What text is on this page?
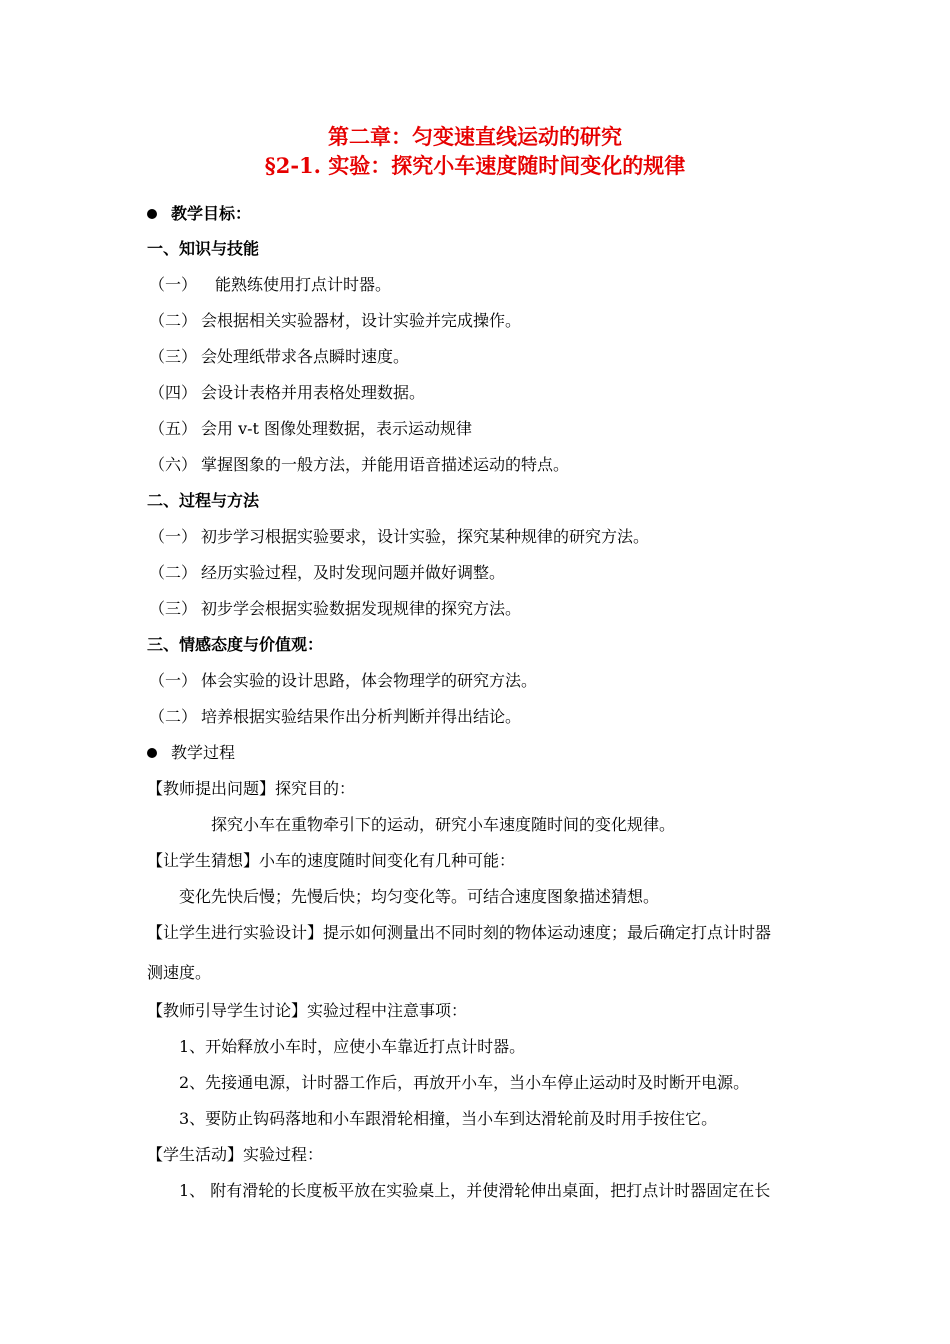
第二章：匀变速直线运动的研究
§2-1. 实验：探究小车速度随时间变化的规律
教学目标：
一、知识与技能
（一） 能熟练使用打点计时器。
（二） 会根据相关实验器材，设计实验并完成操作。
（三） 会处理纸带求各点瞬时速度。
（四） 会设计表格并用表格处理数据。
（五） 会用 v-t 图像处理数据，表示运动规律
（六） 掌握图象的一般方法，并能用语音描述运动的特点。
二、过程与方法
（一） 初步学习根据实验要求，设计实验，探究某种规律的研究方法。
（二） 经历实验过程，及时发现问题并做好调整。
（三） 初步学会根据实验数据发现规律的探究方法。
三、情感态度与价值观：
（一） 体会实验的设计思路，体会物理学的研究方法。
（二） 培养根据实验结果作出分析判断并得出结论。
教学过程
【教师提出问题】探究目的：
探究小车在重物牵引下的运动，研究小车速度随时间的变化规律。
【让学生猜想】小车的速度随时间变化有几种可能：
变化先快后慢；先慢后快；均匀变化等。可结合速度图象描述猜想。
【让学生进行实验设计】提示如何测量出不同时刻的物体运动速度；最后确定打点计时器
测速度。
【教师引导学生讨论】实验过程中注意事项：
1、开始释放小车时，应使小车靠近打点计时器。
2、先接通电源，计时器工作后，再放开小车，当小车停止运动时及时断开电源。
3、要防止钩码落地和小车跟滑轮相撞，当小车到达滑轮前及时用手按住它。
【学生活动】实验过程：
1、 附有滑轮的长度板平放在实验桌上，并使滑轮伸出桌面，把打点计时器固定在长
